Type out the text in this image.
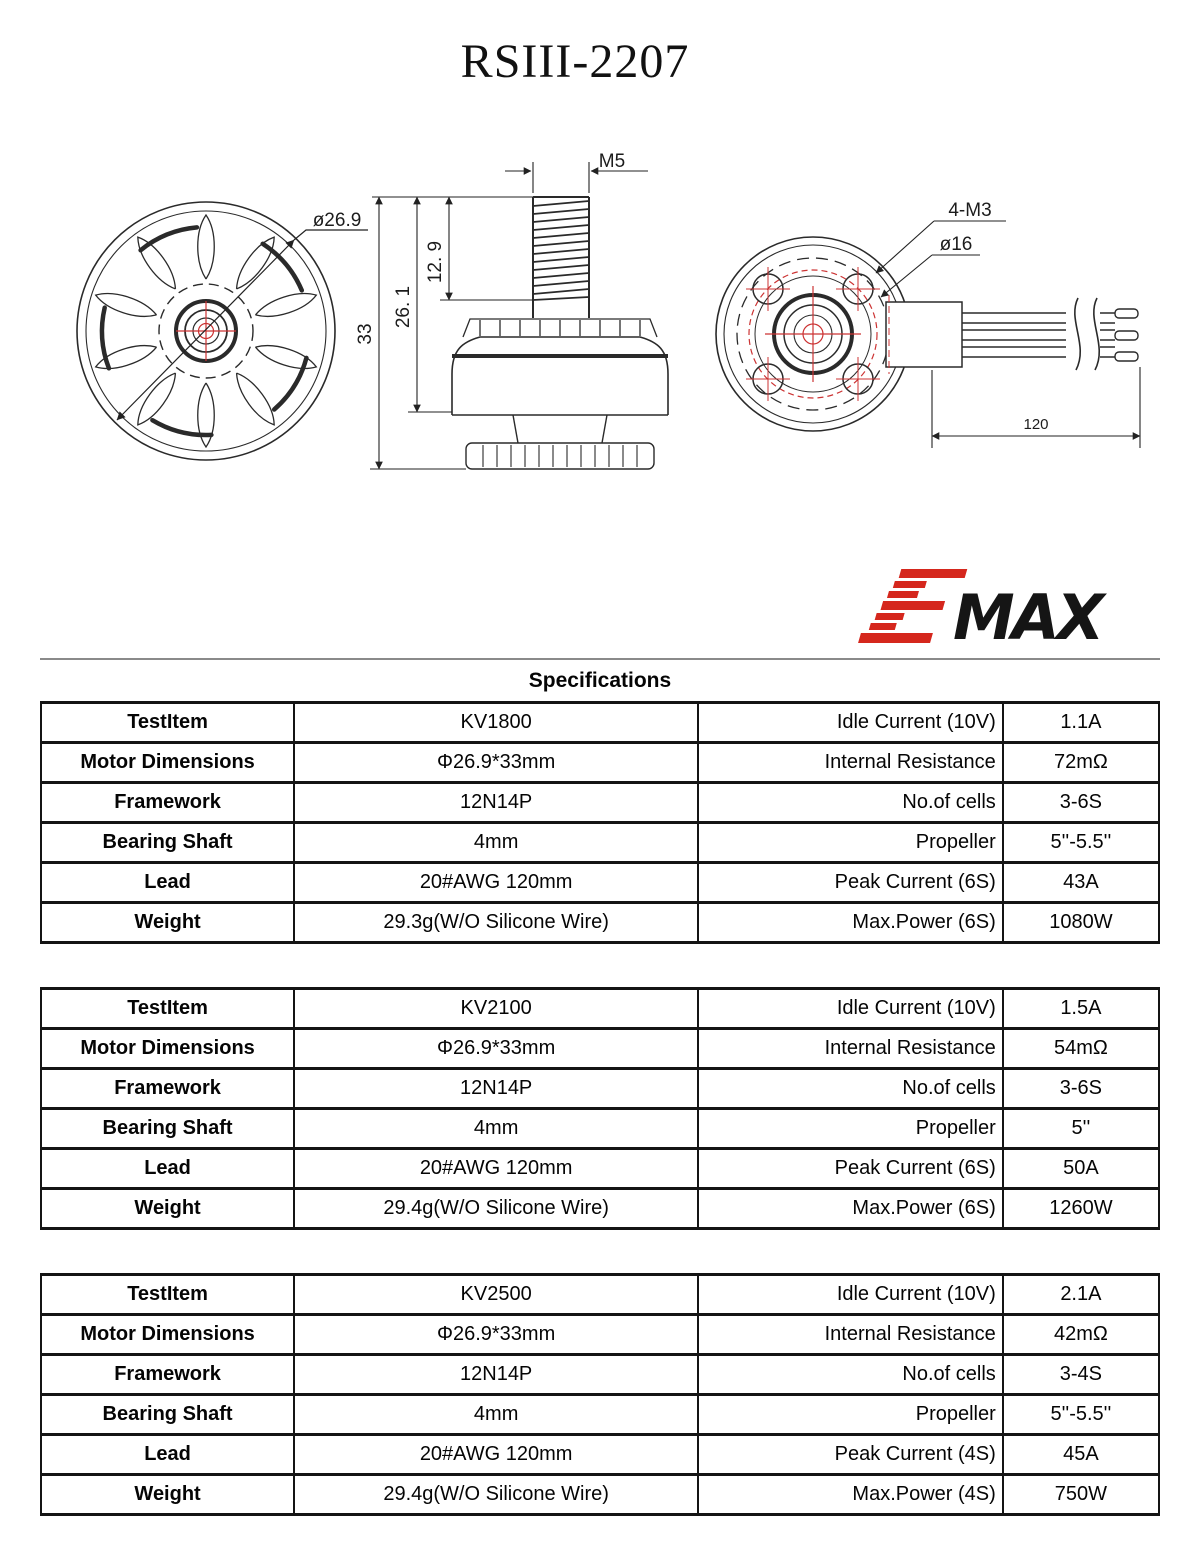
RSIII-2207
ø26.9
M5
12. 9
26. 1
33
4-M3
ø16
120
MAX
Specifications
TestItem	KV1800	Idle Current (10V)	1.1A
Motor Dimensions	Φ26.9*33mm	Internal Resistance	72mΩ
Framework	12N14P	No.of cells	3-6S
Bearing Shaft	4mm	Propeller	5''-5.5''
Lead	20#AWG 120mm	Peak Current (6S)	43A
Weight	29.3g(W/O Silicone Wire)	Max.Power (6S)	1080W
TestItem	KV2100	Idle Current (10V)	1.5A
Motor Dimensions	Φ26.9*33mm	Internal Resistance	54mΩ
Framework	12N14P	No.of cells	3-6S
Bearing Shaft	4mm	Propeller	5''
Lead	20#AWG 120mm	Peak Current (6S)	50A
Weight	29.4g(W/O Silicone Wire)	Max.Power (6S)	1260W
TestItem	KV2500	Idle Current (10V)	2.1A
Motor Dimensions	Φ26.9*33mm	Internal Resistance	42mΩ
Framework	12N14P	No.of cells	3-4S
Bearing Shaft	4mm	Propeller	5''-5.5''
Lead	20#AWG 120mm	Peak Current (4S)	45A
Weight	29.4g(W/O Silicone Wire)	Max.Power (4S)	750W
